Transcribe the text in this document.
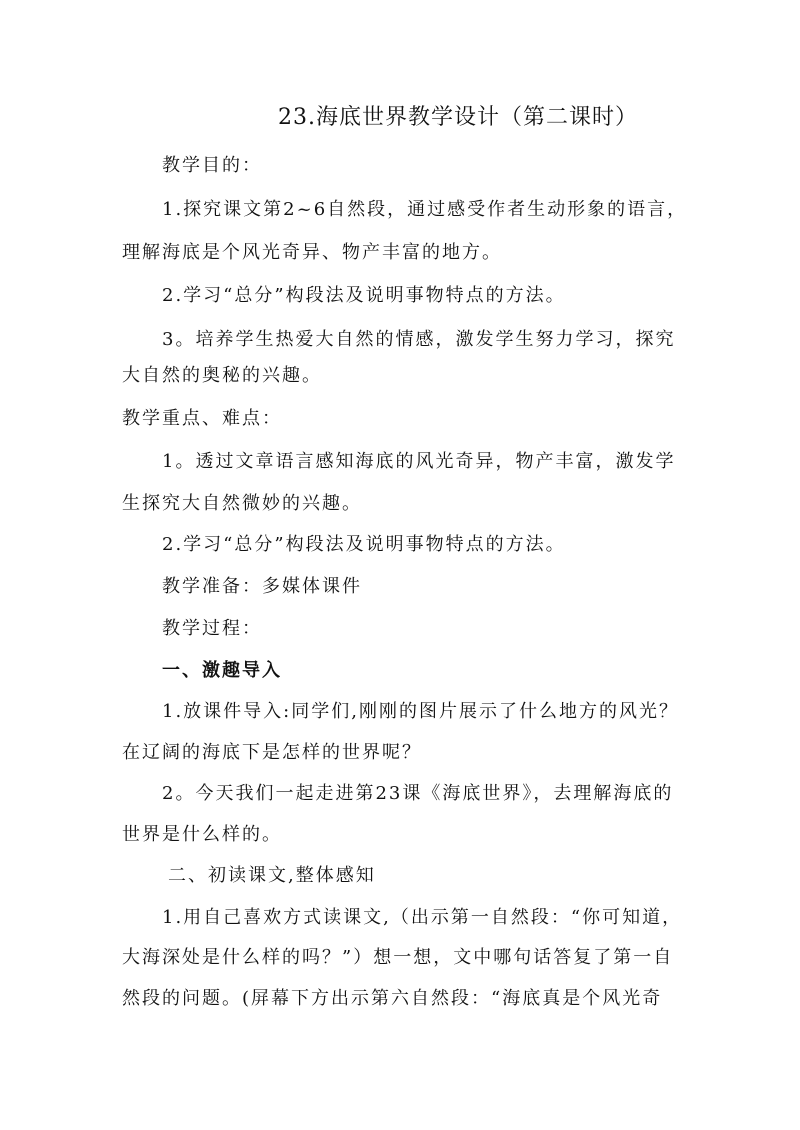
23.海底世界教学设计（第二课时）
教学目的：
1.探究课文第2~6自然段，通过感受作者生动形象的语言，
理解海底是个风光奇异、物产丰富的地方。
2.学习“总分”构段法及说明事物特点的方法。
3。培养学生热爱大自然的情感，激发学生努力学习，探究
大自然的奥秘的兴趣。
教学重点、难点：
1。透过文章语言感知海底的风光奇异，物产丰富，激发学
生探究大自然微妙的兴趣。
2.学习“总分”构段法及说明事物特点的方法。
教学准备：多媒体课件
教学过程：
一、激趣导入
1.放课件导入:同学们,刚刚的图片展示了什么地方的风光？
在辽阔的海底下是怎样的世界呢？
2。今天我们一起走进第23课《海底世界》，去理解海底的
世界是什么样的。
二、初读课文,整体感知
1.用自己喜欢方式读课文,（出示第一自然段：“你可知道，
大海深处是什么样的吗？”）想一想，文中哪句话答复了第一自
然段的问题。(屏幕下方出示第六自然段：“海底真是个风光奇
